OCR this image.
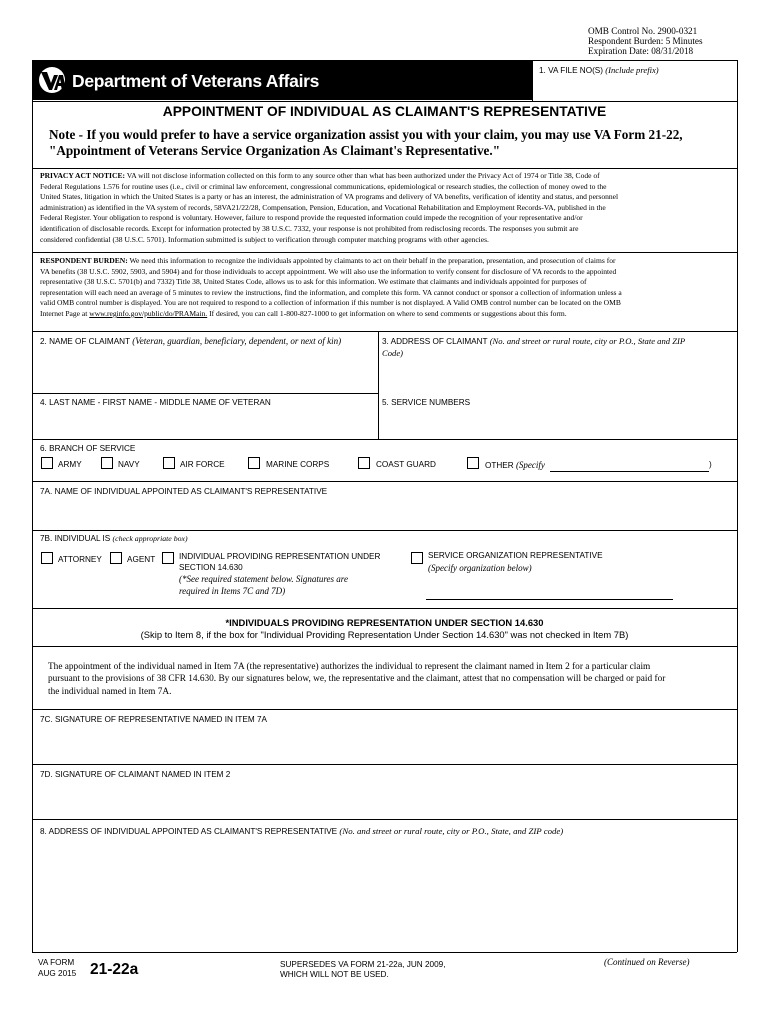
OMB Control No. 2900-0321
Respondent Burden: 5 Minutes
Expiration Date: 08/31/2018
Department of Veterans Affairs
1. VA FILE NO(S) (Include prefix)
APPOINTMENT OF INDIVIDUAL AS CLAIMANT'S REPRESENTATIVE
Note - If you would prefer to have a service organization assist you with your claim, you may use VA Form 21-22,
"Appointment of Veterans Service Organization As Claimant's Representative."
PRIVACY ACT NOTICE: VA will not disclose information collected on this form to any source other than what has been authorized under the Privacy Act of 1974 or Title 38, Code of
Federal Regulations 1.576 for routine uses (i.e., civil or criminal law enforcement, congressional communications, epidemiological or research studies, the collection of money owed to the
United States, litigation in which the United States is a party or has an interest, the administration of VA programs and delivery of VA benefits, verification of identity and status, and personnel
administration) as identified in the VA system of records, 58VA21/22/28, Compensation, Pension, Education, and Vocational Rehabilitation and Employment Records-VA, published in the
Federal Register. Your obligation to respond is voluntary. However, failure to respond provide the requested information could impede the recognition of your representative and/or
identification of disclosable records. Except for information protected by 38 U.S.C. 7332, your response is not prohibited from redisclosing records. The responses you submit are
considered confidential (38 U.S.C. 5701). Information submitted is subject to verification through computer matching programs with other agencies.
RESPONDENT BURDEN: We need this information to recognize the individuals appointed by claimants to act on their behalf in the preparation, presentation, and prosecution of claims for
VA benefits (38 U.S.C. 5902, 5903, and 5904) and for those individuals to accept appointment. We will also use the information to verify consent for disclosure of VA records to the appointed
representative (38 U.S.C. 5701(b) and 7332) Title 38, United States Code, allows us to ask for this information. We estimate that claimants and individuals appointed for purposes of
representation will each need an average of 5 minutes to review the instructions, find the information, and complete this form. VA cannot conduct or sponsor a collection of information unless a
valid OMB control number is displayed. You are not required to respond to a collection of information if this number is not displayed. A Valid OMB control number can be located on the OMB
Internet Page at www.reginfo.gov/public/do/PRAMain. If desired, you can call 1-800-827-1000 to get information on where to send comments or suggestions about this form.
2. NAME OF CLAIMANT (Veteran, guardian, beneficiary, dependent, or next of kin)	3. ADDRESS OF CLAIMANT (No. and street or rural route, city or P.O., State and ZIP
Code)
4. LAST NAME - FIRST NAME - MIDDLE NAME OF VETERAN	5. SERVICE NUMBERS
6. BRANCH OF SERVICE
ARMY	NAVY	AIR FORCE	MARINE CORPS	COAST GUARD	OTHER (Specify	)
7A. NAME OF INDIVIDUAL APPOINTED AS CLAIMANT'S REPRESENTATIVE
7B. INDIVIDUAL IS (check appropriate box)
ATTORNEY	AGENT	INDIVIDUAL PROVIDING REPRESENTATION UNDER
SECTION 14.630
(*See required statement below. Signatures are
required in Items 7C and 7D)
SERVICE ORGANIZATION REPRESENTATIVE
(Specify organization below)
*INDIVIDUALS PROVIDING REPRESENTATION UNDER SECTION 14.630
(Skip to Item 8, if the box for "Individual Providing Representation Under Section 14.630" was not checked in Item 7B)
The appointment of the individual named in Item 7A (the representative) authorizes the individual to represent the claimant named in Item 2 for a particular claim
pursuant to the provisions of 38 CFR 14.630. By our signatures below, we, the representative and the claimant, attest that no compensation will be charged or paid for
the individual named in Item 7A.
7C. SIGNATURE OF REPRESENTATIVE NAMED IN ITEM 7A
7D. SIGNATURE OF CLAIMANT NAMED IN ITEM 2
8. ADDRESS OF INDIVIDUAL APPOINTED AS CLAIMANT'S REPRESENTATIVE (No. and street or rural route, city or P.O., State, and ZIP code)
VA FORM
AUG 2015 21-22a	SUPERSEDES VA FORM 21-22a, JUN 2009,
WHICH WILL NOT BE USED.
(Continued on Reverse)
